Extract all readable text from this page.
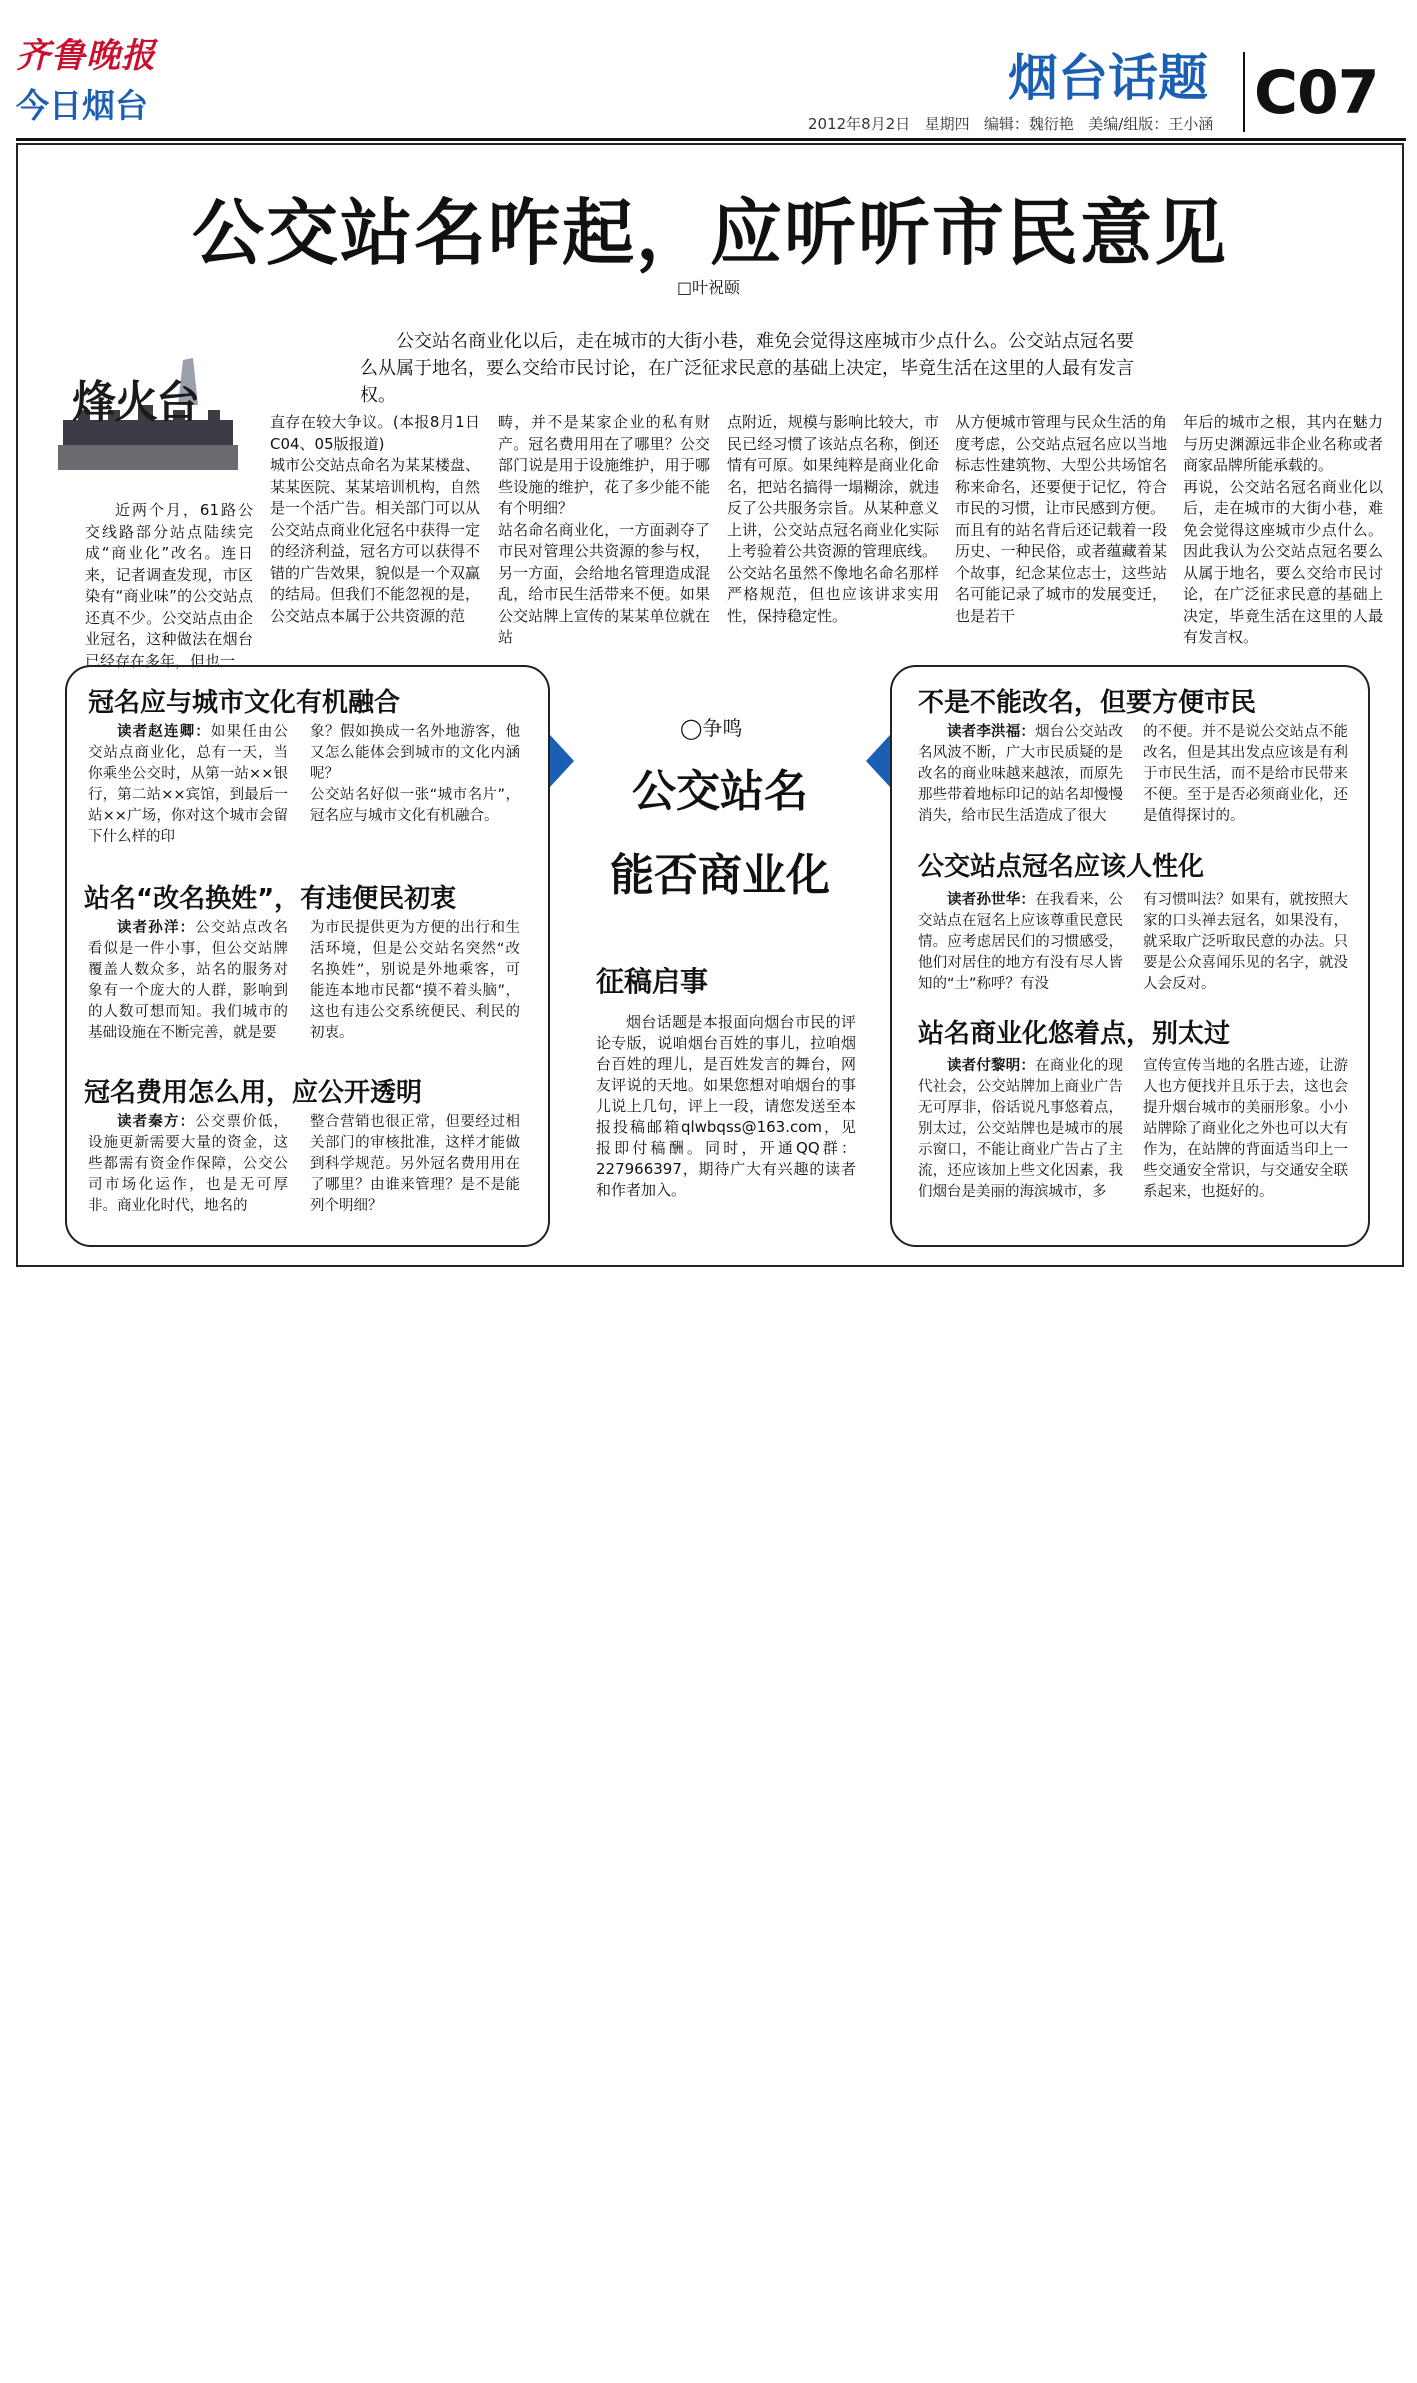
齐鲁晚报
今日烟台	烟台话题 C07
2012年8月2日 星期四 编辑：魏衍艳 美编/组版：王小涵
公交站名咋起，应听听市民意见
□叶祝颐
烽火台
公交站名商业化以后，走在城市的大街小巷，难免会觉得这座城市少点什么。公交站点冠名要么从属于地名，要么交给市民讨论，在广泛征求民意的基础上决定，毕竟生活在这里的人最有发言权。

近两个月，61路公交线路部分站点陆续完成“商业化”改名。连日来，记者调查发现，市区染有“商业味”的公交站点还真不少。公交站点由企业冠名，这种做法在烟台已经存在多年，但也一

直存在较大争议。(本报8月1日C04、05版报道)
城市公交站点命名为某某楼盘、某某医院、某某培训机构，自然是一个活广告。相关部门可以从公交站点商业化冠名中获得一定的经济利益，冠名方可以获得不错的广告效果，貌似是一个双赢的结局。但我们不能忽视的是，公交站点本属于公共资源的范

畴，并不是某家企业的私有财产。冠名费用用在了哪里？公交部门说是用于设施维护，用于哪些设施的维护，花了多少能不能有个明细？
站名命名商业化，一方面剥夺了市民对管理公共资源的参与权，另一方面，会给地名管理造成混乱，给市民生活带来不便。如果公交站牌上宣传的某某单位就在站

点附近，规模与影响比较大，市民已经习惯了该站点名称，倒还情有可原。如果纯粹是商业化命名，把站名搞得一塌糊涂，就违反了公共服务宗旨。从某种意义上讲，公交站点冠名商业化实际上考验着公共资源的管理底线。
公交站名虽然不像地名命名那样严格规范，但也应该讲求实用性，保持稳定性。

从方便城市管理与民众生活的角度考虑，公交站点冠名应以当地标志性建筑物、大型公共场馆名称来命名，还要便于记忆，符合市民的习惯，让市民感到方便。
而且有的站名背后还记载着一段历史、一种民俗，或者蕴藏着某个故事，纪念某位志士，这些站名可能记录了城市的发展变迁，也是若干

年后的城市之根，其内在魅力与历史渊源远非企业名称或者商家品牌所能承载的。
再说，公交站名冠名商业化以后，走在城市的大街小巷，难免会觉得这座城市少点什么。因此我认为公交站点冠名要么从属于地名，要么交给市民讨论，在广泛征求民意的基础上决定，毕竟生活在这里的人最有发言权。

冠名应与城市文化有机融合

读者赵连卿：如果任由公交站点商业化，总有一天，当你乘坐公交时，从第一站××银行，第二站××宾馆，到最后一站××广场，你对这个城市会留下什么样的印

象？假如换成一名外地游客，他又怎么能体会到城市的文化内涵呢？
公交站名好似一张“城市名片”，冠名应与城市文化有机融合。

站名“改名换姓”，有违便民初衷

读者孙洋：公交站点改名看似是一件小事，但公交站牌覆盖人数众多，站名的服务对象有一个庞大的人群，影响到的人数可想而知。我们城市的基础设施在不断完善，就是要

为市民提供更为方便的出行和生活环境，但是公交站名突然“改名换姓”，别说是外地乘客，可能连本地市民都“摸不着头脑”，这也有违公交系统便民、利民的初衷。

冠名费用怎么用，应公开透明

读者秦方：公交票价低，设施更新需要大量的资金，这些都需有资金作保障，公交公司市场化运作，也是无可厚非。商业化时代，地名的

整合营销也很正常，但要经过相关部门的审核批准，这样才能做到科学规范。另外冠名费用用在了哪里？由谁来管理？是不是能列个明细？

◯争鸣
公交站名
能否商业化
征稿启事

烟台话题是本报面向烟台市民的评论专版，说咱烟台百姓的事儿，拉咱烟台百姓的理儿，是百姓发言的舞台，网友评说的天地。如果您想对咱烟台的事儿说上几句，评上一段，请您发送至本报投稿邮箱qlwbqss@163.com，见报即付稿酬。同时，开通QQ群：227966397，期待广大有兴趣的读者和作者加入。

不是不能改名，但要方便市民

读者李洪福：烟台公交站改名风波不断，广大市民质疑的是改名的商业味越来越浓，而原先那些带着地标印记的站名却慢慢消失，给市民生活造成了很大

的不便。并不是说公交站点不能改名，但是其出发点应该是有利于市民生活，而不是给市民带来不便。至于是否必须商业化，还是值得探讨的。

公交站点冠名应该人性化

读者孙世华：在我看来，公交站点在冠名上应该尊重民意民情。应考虑居民们的习惯感受，他们对居住的地方有没有尽人皆知的“土”称呼？有没

有习惯叫法？如果有，就按照大家的口头禅去冠名，如果没有，就采取广泛听取民意的办法。只要是公众喜闻乐见的名字，就没人会反对。

站名商业化悠着点，别太过

读者付黎明：在商业化的现代社会，公交站牌加上商业广告无可厚非，俗话说凡事悠着点，别太过，公交站牌也是城市的展示窗口，不能让商业广告占了主流，还应该加上些文化因素，我们烟台是美丽的海滨城市，多

宣传宣传当地的名胜古迹，让游人也方便找并且乐于去，这也会提升烟台城市的美丽形象。小小站牌除了商业化之外也可以大有作为，在站牌的背面适当印上一些交通安全常识，与交通安全联系起来，也挺好的。
